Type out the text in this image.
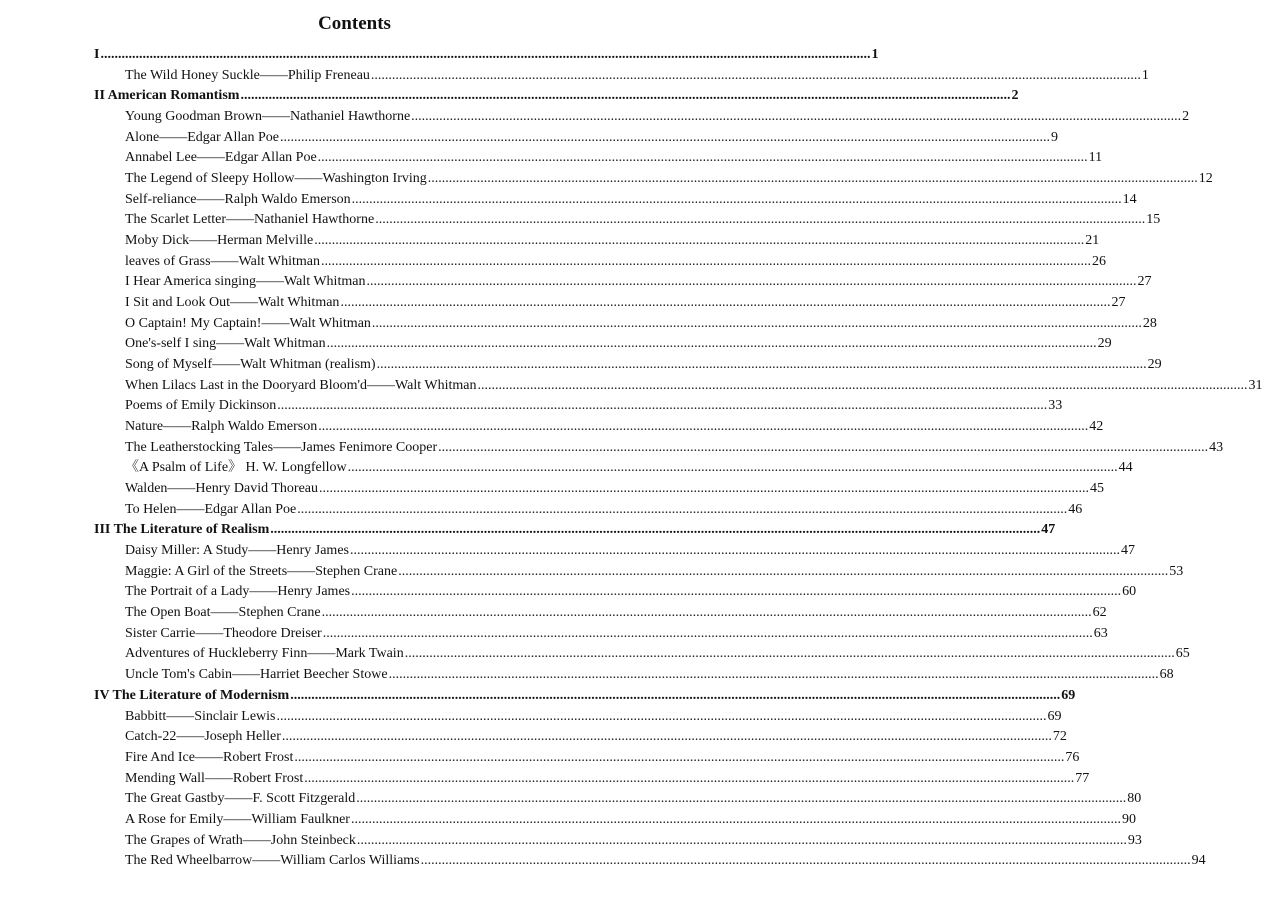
Contents
I ............................................................................................................................................................................................................................ 1
The Wild Honey Suckle——Philip Freneau ............................................................................................................................................................................................................................ 1
II American Romantism ............................................................................................................................................................................................................................ 2
Young Goodman Brown——Nathaniel Hawthorne ............................................................................................................................................................................................................................ 2
Alone——Edgar Allan Poe ............................................................................................................................................................................................................................ 9
Annabel Lee——Edgar Allan Poe ............................................................................................................................................................................................................................ 11
The Legend of Sleepy Hollow——Washington Irving ............................................................................................................................................................................................................................ 12
Self-reliance——Ralph Waldo Emerson ............................................................................................................................................................................................................................ 14
The Scarlet Letter——Nathaniel Hawthorne ............................................................................................................................................................................................................................ 15
Moby Dick——Herman Melville ............................................................................................................................................................................................................................ 21
leaves of Grass——Walt Whitman ............................................................................................................................................................................................................................ 26
I Hear America singing——Walt Whitman ............................................................................................................................................................................................................................ 27
I Sit and Look Out——Walt Whitman ............................................................................................................................................................................................................................ 27
O Captain! My Captain!——Walt Whitman ............................................................................................................................................................................................................................ 28
One's-self I sing——Walt Whitman ............................................................................................................................................................................................................................ 29
Song of Myself——Walt Whitman (realism) ............................................................................................................................................................................................................................ 29
When Lilacs Last in the Dooryard Bloom'd——Walt Whitman ............................................................................................................................................................................................................................ 31
Poems of Emily Dickinson ............................................................................................................................................................................................................................ 33
Nature——Ralph Waldo Emerson ............................................................................................................................................................................................................................ 42
The Leatherstocking Tales——James Fenimore Cooper ............................................................................................................................................................................................................................ 43
《A Psalm of Life》 H. W. Longfellow ............................................................................................................................................................................................................................ 44
Walden——Henry David Thoreau ............................................................................................................................................................................................................................ 45
To Helen——Edgar Allan Poe ............................................................................................................................................................................................................................ 46
III The Literature of Realism ............................................................................................................................................................................................................................ 47
Daisy Miller: A Study——Henry James ............................................................................................................................................................................................................................ 47
Maggie: A Girl of the Streets——Stephen Crane ............................................................................................................................................................................................................................ 53
The Portrait of a Lady——Henry James ............................................................................................................................................................................................................................ 60
The Open Boat——Stephen Crane ............................................................................................................................................................................................................................ 62
Sister Carrie——Theodore Dreiser ............................................................................................................................................................................................................................ 63
Adventures of Huckleberry Finn——Mark Twain ............................................................................................................................................................................................................................ 65
Uncle Tom's Cabin——Harriet Beecher Stowe ............................................................................................................................................................................................................................ 68
IV The Literature of Modernism ............................................................................................................................................................................................................................ 69
Babbitt——Sinclair Lewis ............................................................................................................................................................................................................................ 69
Catch-22——Joseph Heller ............................................................................................................................................................................................................................ 72
Fire And Ice——Robert Frost ............................................................................................................................................................................................................................ 76
Mending Wall——Robert Frost ............................................................................................................................................................................................................................ 77
The Great Gastby——F. Scott Fitzgerald ............................................................................................................................................................................................................................ 80
A Rose for Emily——William Faulkner ............................................................................................................................................................................................................................ 90
The Grapes of Wrath——John Steinbeck ............................................................................................................................................................................................................................ 93
The Red Wheelbarrow——William Carlos Williams ............................................................................................................................................................................................................................ 94
